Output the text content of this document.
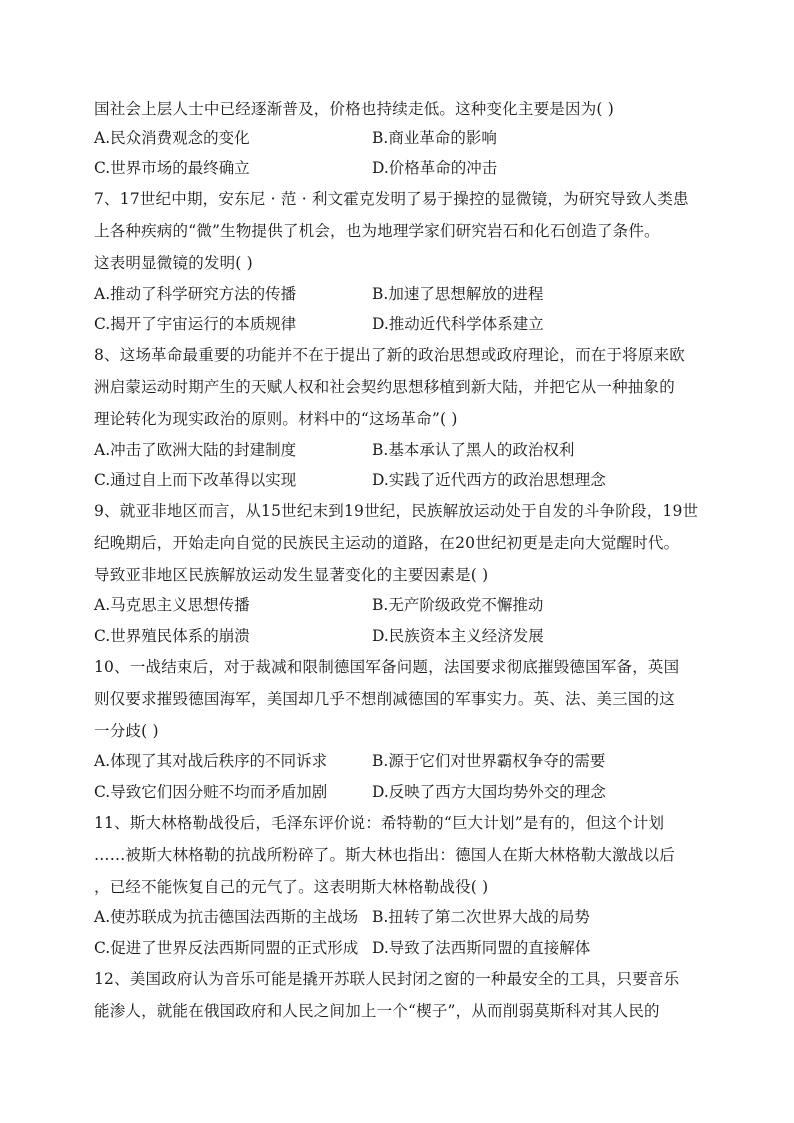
国社会上层人士中已经逐渐普及，价格也持续走低。这种变化主要是因为( )
A.民众消费观念的变化	B.商业革命的影响
C.世界市场的最终确立	D.价格革命的冲击
7、17世纪中期，安东尼 · 范 · 利文霍克发明了易于操控的显微镜，为研究导致人类患
上各种疾病的“微”生物提供了机会，也为地理学家们研究岩石和化石创造了条件。
这表明显微镜的发明( )
A.推动了科学研究方法的传播	B.加速了思想解放的进程
C.揭开了宇宙运行的本质规律	D.推动近代科学体系建立
8、这场革命最重要的功能并不在于提出了新的政治思想或政府理论，而在于将原来欧
洲启蒙运动时期产生的天赋人权和社会契约思想移植到新大陆，并把它从一种抽象的
理论转化为现实政治的原则。材料中的“这场革命”( )
A.冲击了欧洲大陆的封建制度	B.基本承认了黑人的政治权利
C.通过自上而下改革得以实现	D.实践了近代西方的政治思想理念
9、就亚非地区而言，从15世纪末到19世纪，民族解放运动处于自发的斗争阶段，19世
纪晚期后，开始走向自觉的民族民主运动的道路，在20世纪初更是走向大觉醒时代。
导致亚非地区民族解放运动发生显著变化的主要因素是( )
A.马克思主义思想传播	B.无产阶级政党不懈推动
C.世界殖民体系的崩溃	D.民族资本主义经济发展
10、一战结束后，对于裁减和限制德国军备问题，法国要求彻底摧毁德国军备，英国
则仅要求摧毁德国海军，美国却几乎不想削减德国的军事实力。英、法、美三国的这
一分歧( )
A.体现了其对战后秩序的不同诉求	B.源于它们对世界霸权争夺的需要
C.导致它们因分赃不均而矛盾加剧	D.反映了西方大国均势外交的理念
11、斯大林格勒战役后，毛泽东评价说：希特勒的“巨大计划”是有的，但这个计划
……被斯大林格勒的抗战所粉碎了。斯大林也指出：德国人在斯大林格勒大激战以后
，已经不能恢复自己的元气了。这表明斯大林格勒战役( )
A.使苏联成为抗击德国法西斯的主战场 B.扭转了第二次世界大战的局势
C.促进了世界反法西斯同盟的正式形成 D.导致了法西斯同盟的直接解体
12、美国政府认为音乐可能是撬开苏联人民封闭之窗的一种最安全的工具，只要音乐
能渗人，就能在俄国政府和人民之间加上一个“楔子”，从而削弱莫斯科对其人民的
